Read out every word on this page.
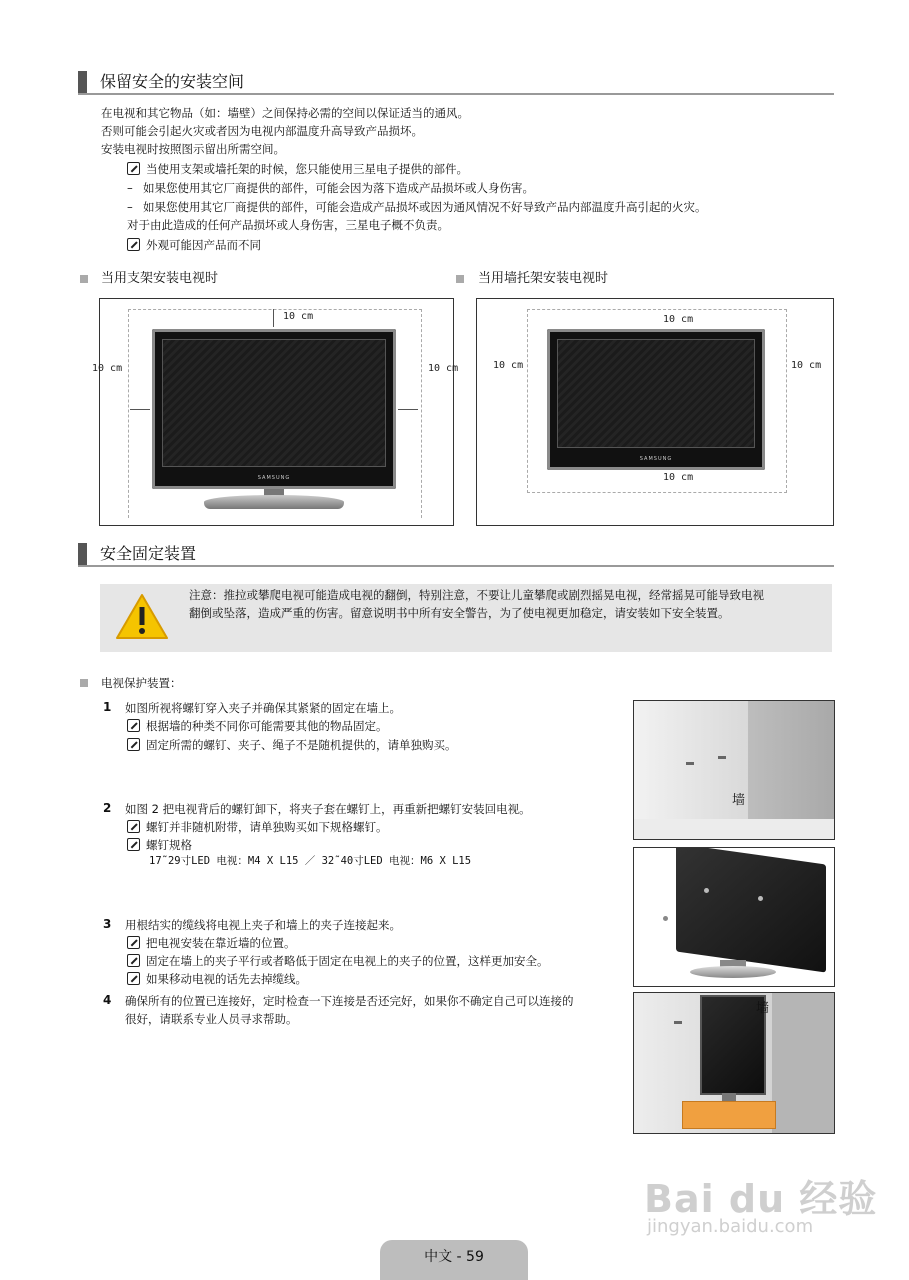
保留安全的安装空间
在电视和其它物品（如：墙壁）之间保持必需的空间以保证适当的通风。
否则可能会引起火灾或者因为电视内部温度升高导致产品损坏。
安装电视时按照图示留出所需空间。
当使用支架或墙托架的时候，您只能使用三星电子提供的部件。
– 如果您使用其它厂商提供的部件，可能会因为落下造成产品损坏或人身伤害。
– 如果您使用其它厂商提供的部件，可能会造成产品损坏或因为通风情况不好导致产品内部温度升高引起的火灾。
对于由此造成的任何产品损坏或人身伤害，三星电子概不负责。
外观可能因产品而不同
当用支架安装电视时	当用墙托架安装电视时
10 cm
10 cm	10 cm
SAMSUNG
10 cm
10 cm	10 cm
10 cm
SAMSUNG
安全固定装置
注意：推拉或攀爬电视可能造成电视的翻倒，特别注意，不要让儿童攀爬或剧烈摇晃电视，经常摇晃可能导致电视
翻倒或坠落，造成严重的伤害。留意说明书中所有安全警告，为了使电视更加稳定，请安装如下安全装置。
电视保护装置：
1 如图所视将螺钉穿入夹子并确保其紧紧的固定在墙上。
根据墙的种类不同你可能需要其他的物品固定。
固定所需的螺钉、夹子、绳子不是随机提供的，请单独购买。
2 如图 2 把电视背后的螺钉卸下，将夹子套在螺钉上，再重新把螺钉安装回电视。
螺钉并非随机附带，请单独购买如下规格螺钉。
螺钉规格
17˜29寸LED 电视：M4 X L15 ／ 32˜40寸LED 电视：M6 X L15
3 用根结实的缆线将电视上夹子和墙上的夹子连接起来。
把电视安装在靠近墙的位置。
固定在墙上的夹子平行或者略低于固定在电视上的夹子的位置，这样更加安全。
如果移动电视的话先去掉缆线。
4 确保所有的位置已连接好，定时检查一下连接是否还完好，如果你不确定自己可以连接的
很好，请联系专业人员寻求帮助。
墙
墙
Bai du 经验
jingyan.baidu.com
中文 - 59
